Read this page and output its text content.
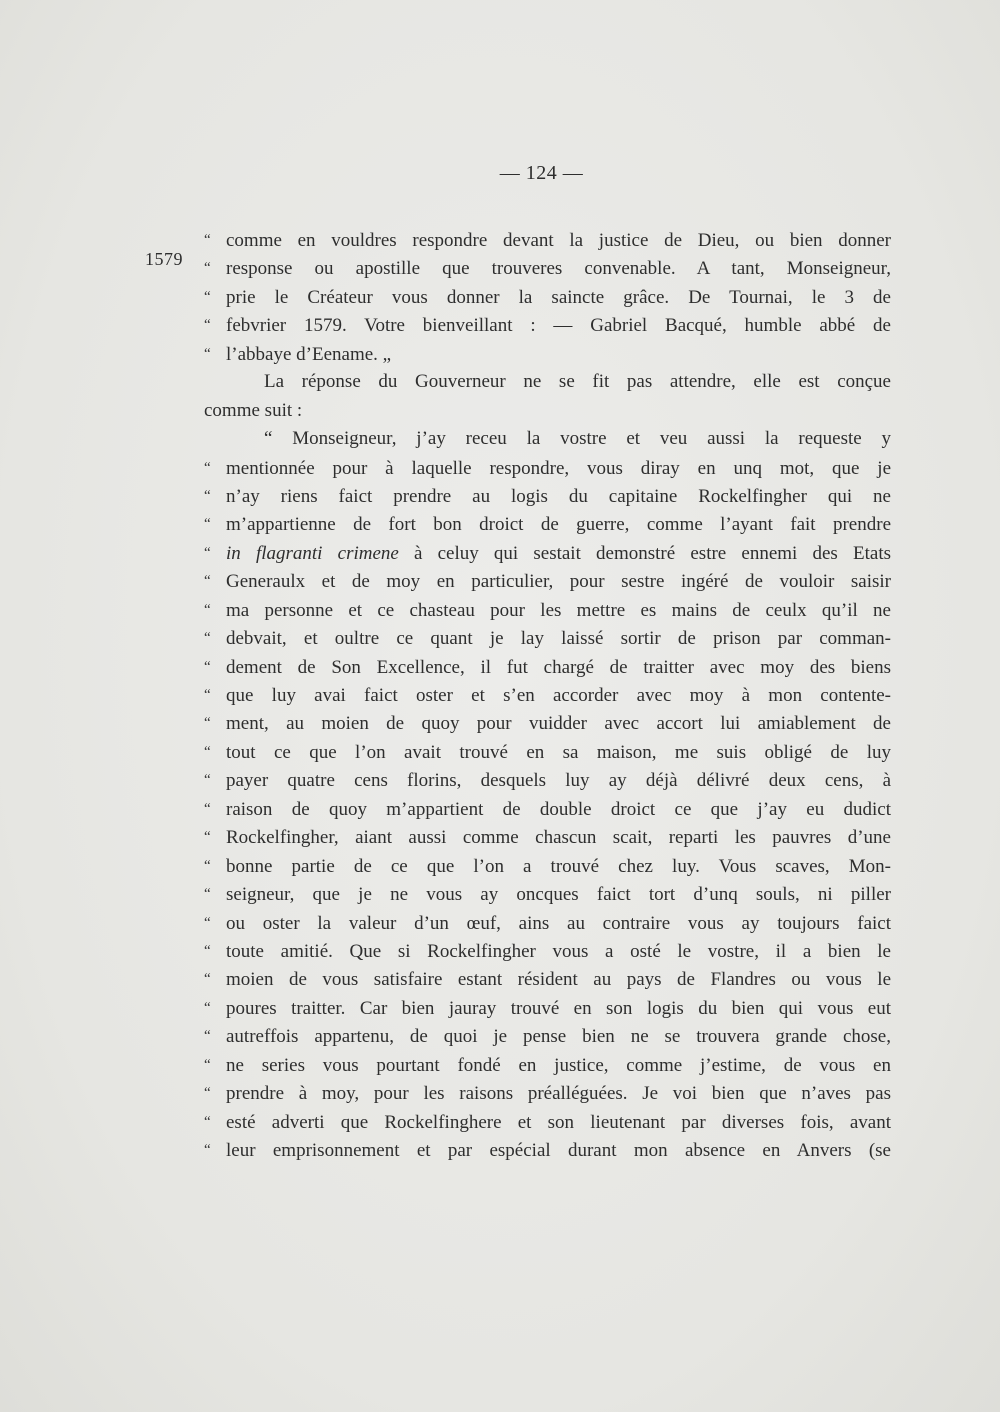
— 124 —
1579
“ comme en vouldres respondre devant la justice de Dieu, ou bien donner
“ response ou apostille que trouveres convenable. A tant, Monseigneur,
“ prie le Créateur vous donner la saincte grâce. De Tournai, le 3 de
“ febvrier 1579. Votre bienveillant : — Gabriel Bacqué, humble abbé de
“ l’abbaye d’Eename. „
La réponse du Gouverneur ne se fit pas attendre, elle est conçue
comme suit :
“ Monseigneur, j’ay receu la vostre et veu aussi la requeste y
“ mentionnée pour à laquelle respondre, vous diray en unq mot, que je
“ n’ay riens faict prendre au logis du capitaine Rockelfingher qui ne
“ m’appartienne de fort bon droict de guerre, comme l’ayant fait prendre
“ in flagranti crimene à celuy qui sestait demonstré estre ennemi des Etats
“ Generaulx et de moy en particulier, pour sestre ingéré de vouloir saisir
“ ma personne et ce chasteau pour les mettre es mains de ceulx qu’il ne
“ debvait, et oultre ce quant je lay laissé sortir de prison par comman-
“ dement de Son Excellence, il fut chargé de traitter avec moy des biens
“ que luy avai faict oster et s’en accorder avec moy à mon contente-
“ ment, au moien de quoy pour vuidder avec accort lui amiablement de
“ tout ce que l’on avait trouvé en sa maison, me suis obligé de luy
“ payer quatre cens florins, desquels luy ay déjà délivré deux cens, à
“ raison de quoy m’appartient de double droict ce que j’ay eu dudict
“ Rockelfingher, aiant aussi comme chascun scait, reparti les pauvres d’une
“ bonne partie de ce que l’on a trouvé chez luy. Vous scaves, Mon-
“ seigneur, que je ne vous ay oncques faict tort d’unq souls, ni piller
“ ou oster la valeur d’un œuf, ains au contraire vous ay toujours faict
“ toute amitié. Que si Rockelfingher vous a osté le vostre, il a bien le
“ moien de vous satisfaire estant résident au pays de Flandres ou vous le
“ poures traitter. Car bien jauray trouvé en son logis du bien qui vous eut
“ autreffois appartenu, de quoi je pense bien ne se trouvera grande chose,
“ ne series vous pourtant fondé en justice, comme j’estime, de vous en
“ prendre à moy, pour les raisons préalléguées. Je voi bien que n’aves pas
“ esté adverti que Rockelfinghere et son lieutenant par diverses fois, avant
“ leur emprisonnement et par espécial durant mon absence en Anvers (se
